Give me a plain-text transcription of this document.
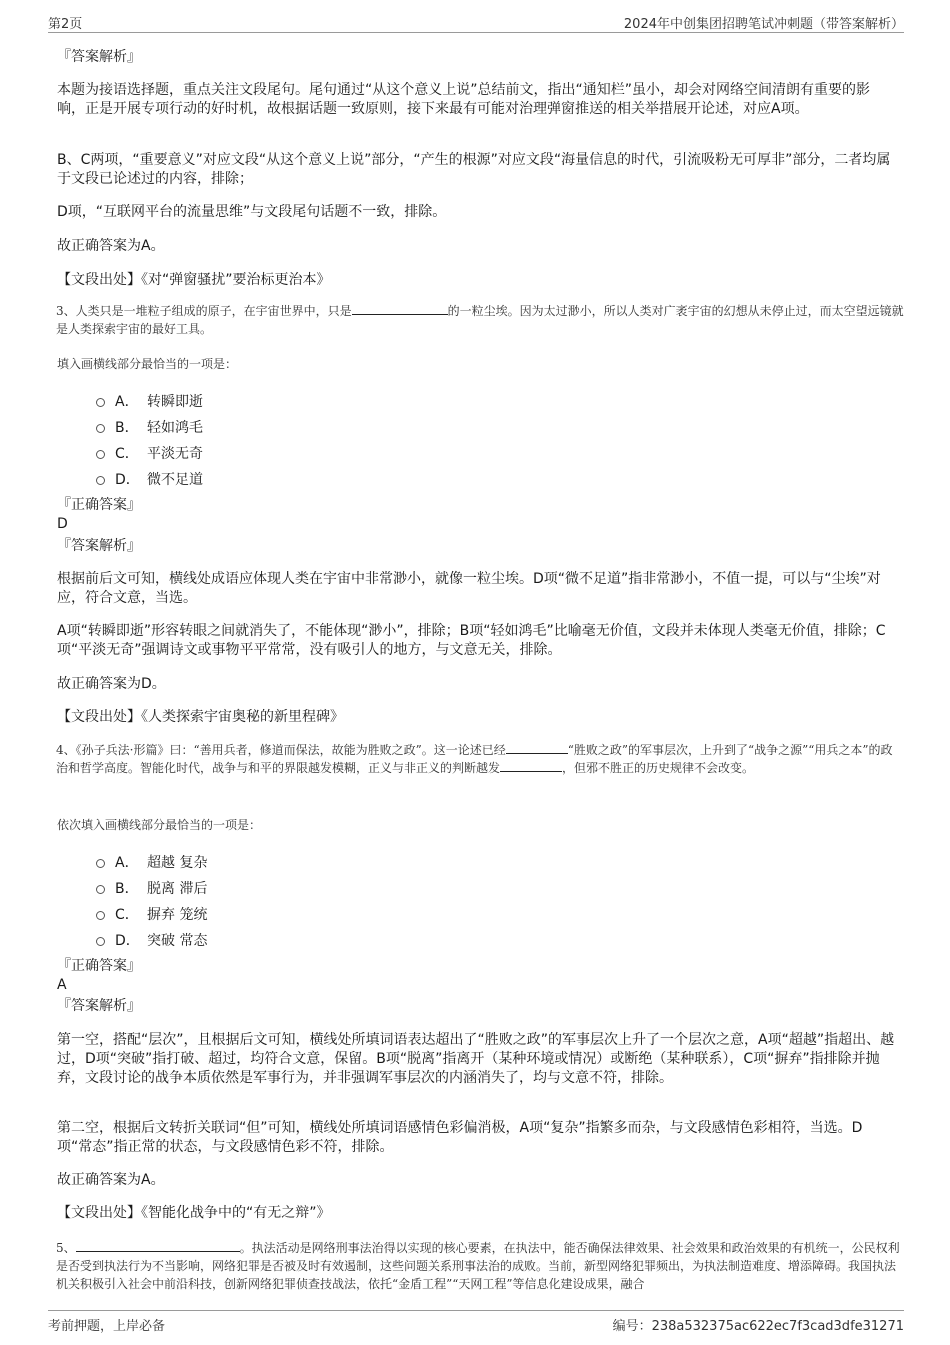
第2页	2024年中创集团招聘笔试冲刺题（带答案解析）
『答案解析』
本题为接语选择题，重点关注文段尾句。尾句通过“从这个意义上说”总结前文，指出“通知栏”虽小，却会对网络空间清朗有重要的影响，正是开展专项行动的好时机，故根据话题一致原则，接下来最有可能对治理弹窗推送的相关举措展开论述，对应A项。
B、C两项，“重要意义”对应文段“从这个意义上说”部分，“产生的根源”对应文段“海量信息的时代，引流吸粉无可厚非”部分，二者均属于文段已论述过的内容，排除；
D项，“互联网平台的流量思维”与文段尾句话题不一致，排除。
故正确答案为A。
【文段出处】《对“弹窗骚扰”要治标更治本》
3、人类只是一堆粒子组成的原子，在宇宙世界中，只是	的一粒尘埃。因为太过渺小，所以人类对广袤宇宙的幻想从未停止过，而太空望远镜就是人类探索宇宙的最好工具。
填入画横线部分最恰当的一项是：
A． 转瞬即逝
B． 轻如鸿毛
C． 平淡无奇
D． 微不足道
『正确答案』
D
『答案解析』
根据前后文可知，横线处成语应体现人类在宇宙中非常渺小，就像一粒尘埃。D项“微不足道”指非常渺小，不值一提，可以与“尘埃”对应，符合文意，当选。
A项“转瞬即逝”形容转眼之间就消失了，不能体现“渺小”，排除；B项“轻如鸿毛”比喻毫无价值，文段并未体现人类毫无价值，排除；C项“平淡无奇”强调诗文或事物平平常常，没有吸引人的地方，与文意无关，排除。
故正确答案为D。
【文段出处】《人类探索宇宙奥秘的新里程碑》
4、《孙子兵法·形篇》曰：“善用兵者，修道而保法，故能为胜败之政”。这一论述已经	“胜败之政”的军事层次，上升到了“战争之源”“用兵之本”的政治和哲学高度。智能化时代，战争与和平的界限越发模糊，正义与非正义的判断越发	，但邪不胜正的历史规律不会改变。
依次填入画横线部分最恰当的一项是：
A． 超越 复杂
B． 脱离 滞后
C． 摒弃 笼统
D． 突破 常态
『正确答案』
A
『答案解析』
第一空，搭配“层次”，且根据后文可知，横线处所填词语表达超出了“胜败之政”的军事层次上升了一个层次之意，A项“超越”指超出、越过，D项“突破”指打破、超过，均符合文意，保留。B项“脱离”指离开（某种环境或情况）或断绝（某种联系），C项“摒弃”指排除并抛弃，文段讨论的战争本质依然是军事行为，并非强调军事层次的内涵消失了，均与文意不符，排除。
第二空，根据后文转折关联词“但”可知，横线处所填词语感情色彩偏消极，A项“复杂”指繁多而杂，与文段感情色彩相符，当选。D项“常态”指正常的状态，与文段感情色彩不符，排除。
故正确答案为A。
【文段出处】《智能化战争中的“有无之辩”》
5、	。执法活动是网络刑事法治得以实现的核心要素，在执法中，能否确保法律效果、社会效果和政治效果的有机统一，公民权利是否受到执法行为不当影响，网络犯罪是否被及时有效遏制，这些问题关系刑事法治的成败。当前，新型网络犯罪频出，为执法制造难度、增添障碍。我国执法机关积极引入社会中前沿科技，创新网络犯罪侦查技战法，依托“金盾工程”“天网工程”等信息化建设成果，融合
考前押题，上岸必备	编号：238a532375ac622ec7f3cad3dfe31271
